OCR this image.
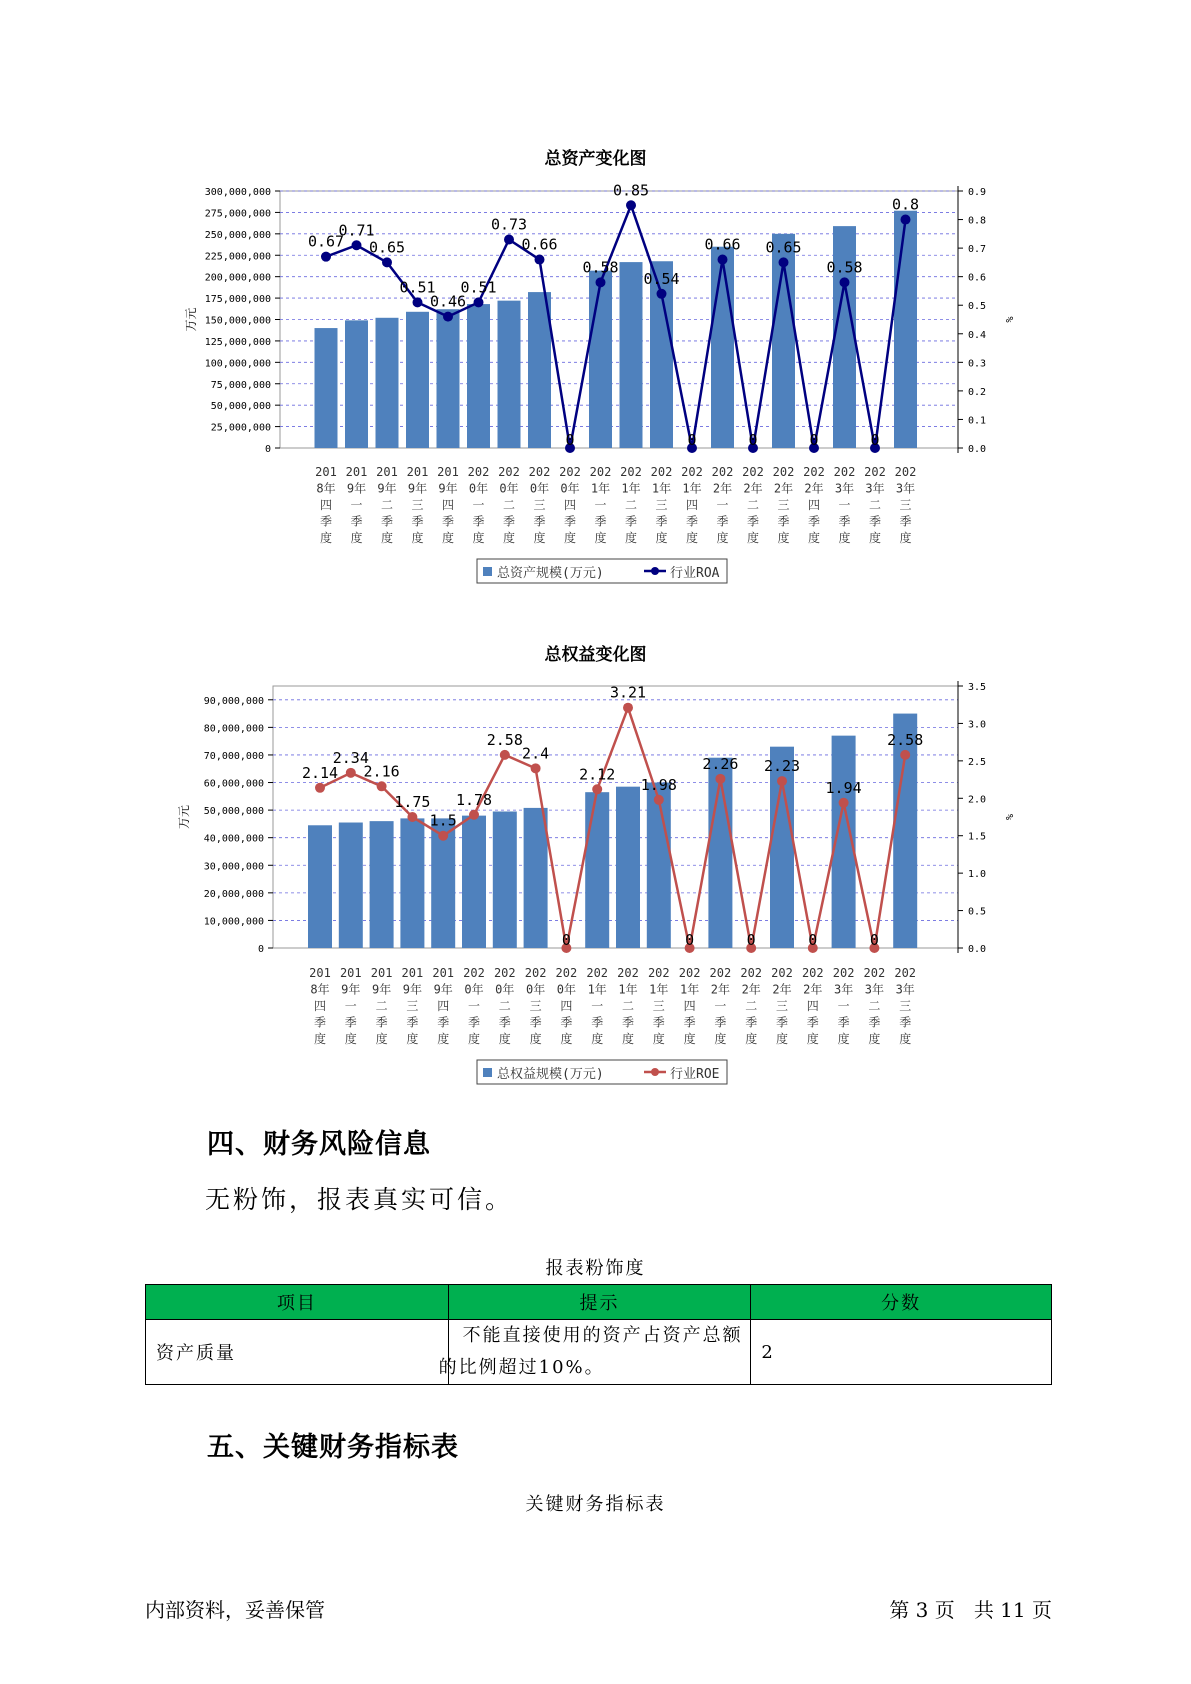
总资产变化图
0
25,000,000
50,000,000
75,000,000
100,000,000
125,000,000
150,000,000
175,000,000
200,000,000
225,000,000
250,000,000
275,000,000
300,000,000
0.0
0.1
0.2
0.3
0.4
0.5
0.6
0.7
0.8
0.9
万元	%
0.67
0.71
0.65
0.51
0.46
0.51
0.73
0.66
0
0.58
0.85
0.54
0
0.66
0
0.65
0
0.58
0
0.8
201
8年
四
季
度
201
9年
一
季
度
201
9年
二
季
度
201
9年
三
季
度
201
9年
四
季
度
202
0年
一
季
度
202
0年
二
季
度
202
0年
三
季
度
202
0年
四
季
度
202
1年
一
季
度
202
1年
二
季
度
202
1年
三
季
度
202
1年
四
季
度
202
2年
一
季
度
202
2年
二
季
度
202
2年
三
季
度
202
2年
四
季
度
202
3年
一
季
度
202
3年
二
季
度
202
3年
三
季
度
总资产规模(万元)	行业ROA
总权益变化图
0
10,000,000
20,000,000
30,000,000
40,000,000
50,000,000
60,000,000
70,000,000
80,000,000
90,000,000
0.0
0.5
1.0
1.5
2.0
2.5
3.0
3.5
万元	%
2.14
2.34
2.16
1.75
1.5
1.78
2.58
2.4
0
2.12
3.21
1.98
0
2.26
0
2.23
0
1.94
0
2.58
201
8年
四
季
度
201
9年
一
季
度
201
9年
二
季
度
201
9年
三
季
度
201
9年
四
季
度
202
0年
一
季
度
202
0年
二
季
度
202
0年
三
季
度
202
0年
四
季
度
202
1年
一
季
度
202
1年
二
季
度
202
1年
三
季
度
202
1年
四
季
度
202
2年
一
季
度
202
2年
二
季
度
202
2年
三
季
度
202
2年
四
季
度
202
3年
一
季
度
202
3年
二
季
度
202
3年
三
季
度
总权益规模(万元)	行业ROE
四、财务风险信息
无粉饰，报表真实可信。
报表粉饰度
项目	提示	分数
资产质量	不能直接使用的资产占资产总额
的比例超过10%。	2
五、关键财务指标表
关键财务指标表
内部资料，妥善保管	第 3 页   共 11 页
